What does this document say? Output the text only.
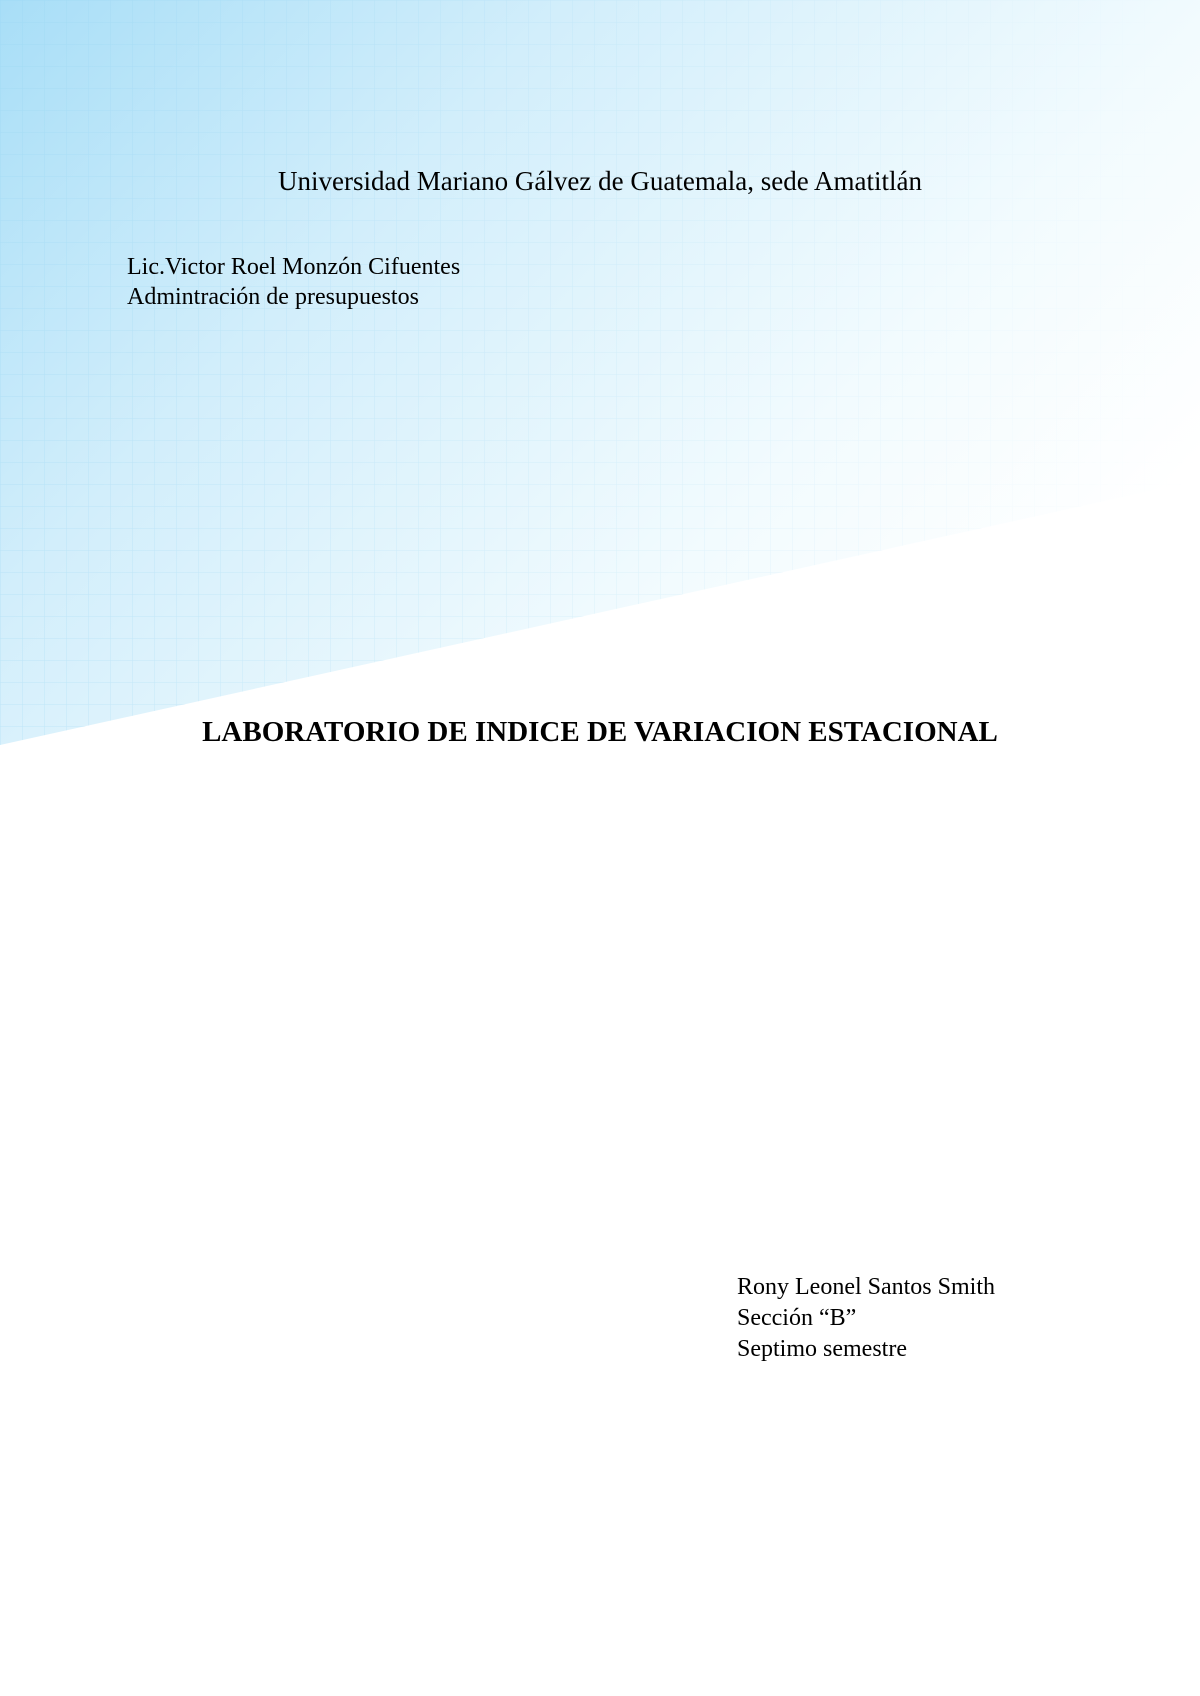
Universidad Mariano Gálvez de Guatemala, sede Amatitlán
Lic.Victor Roel Monzón Cifuentes
Admintración de presupuestos
LABORATORIO DE INDICE DE VARIACION ESTACIONAL
Rony Leonel Santos Smith
Sección “B”
Septimo semestre
